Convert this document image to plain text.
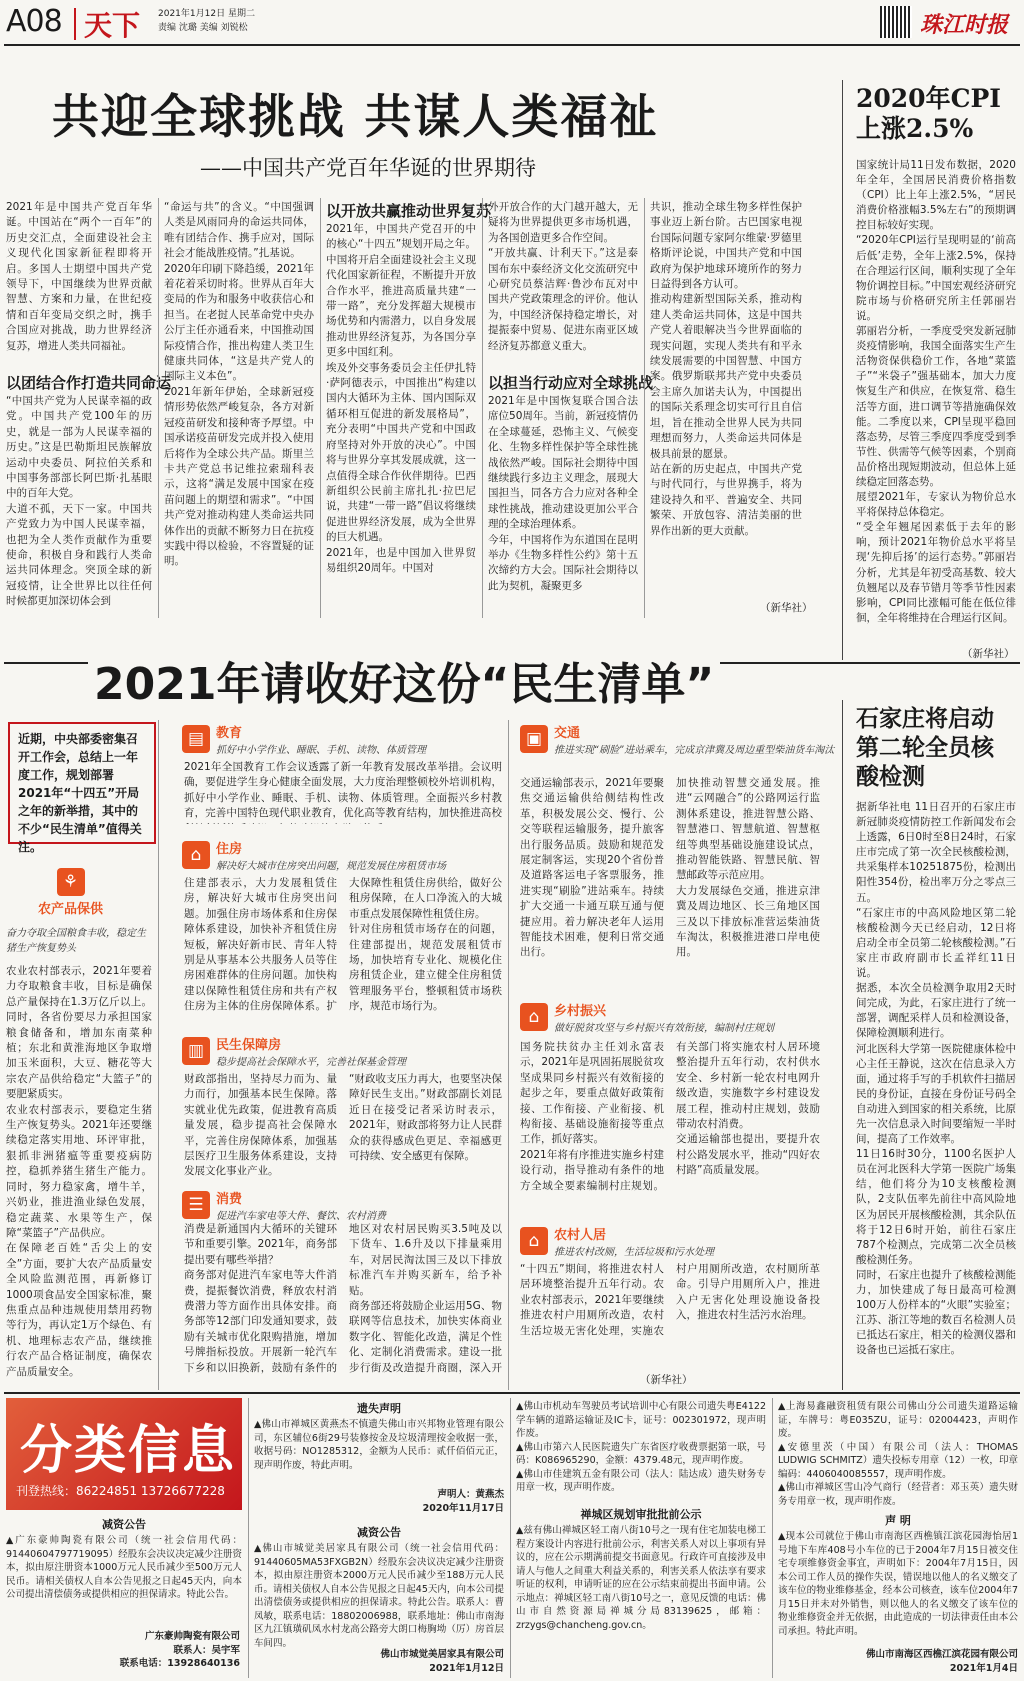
A08 天下 2021年1月12日 星期二
责编 沈璐 美编 刘锐松	珠江时报
共迎全球挑战 共谋人类福祉
——中国共产党百年华诞的世界期待
2021年是中国共产党百年华诞。中国站在“两个一百年”的历史交汇点，全面建设社会主义现代化国家新征程即将开启。多国人士期望中国共产党领导下，中国继续为世界贡献智慧、方案和力量，在世纪疫情和百年变局交织之时，携手合国应对挑战，助力世界经济复苏，增进人类共同福祉。
以团结合作打造共同命运
“中国共产党为人民谋幸福的政党。中国共产党100年的历史，就是一部为人民谋幸福的历史。”这是巴勒斯坦民族解放运动中央委员、阿拉伯关系和中国事务部部长阿巴斯·扎基眼中的百年大党。
大道不孤，天下一家。中国共产党致力为中国人民谋幸福，也把为全人类作贡献作为重要使命，积极自身和践行人类命运共同体理念。突顶全球的新冠疫情，让全世界比以往任何时候都更加深切体会到
“命运与共”的含义。“中国强调人类是风雨同舟的命运共同体，唯有团结合作、携手应对，国际社会才能战胜疫情。”扎基说。
2020年印刷下降趋缓，2021年着花着采切时将。世界从百年大变局的作为和服务中收获信心和担当。在老挝人民革命党中央办公厅主任亦通看来，中国推动国际疫情合作，推出构建人类卫生健康共同体，“这是共产党人的国际主义本色”。
2021年新年伊始，全球新冠疫情形势依然严峻复杂，各方对新冠疫苗研发和接种寄予厚望。中国承诺疫苗研发完成并投入使用后将作为全球公共产品。斯里兰卡共产党总书记维拉索瑞科表示，这将“满足发展中国家在疫苗问题上的期望和需求”。“中国共产党对推动构建人类命运共同体作出的贡献不断努力日在抗疫实践中得以检验，不容置疑的证明。
以开放共赢推动世界复苏
2021年，中国共产党召开的中的核心“十四五”规划开局之年。中国将开启全面建设社会主义现代化国家新征程，不断提升开放合作水平，推进高质量共建“一带一路”，充分发挥超大规模市场优势和内需潜力，以自身发展推动世界经济复苏，为各国分享更多中国红利。
埃及外交事务委员会主任伊扎特·萨阿德表示，中国推出“构建以国内大循环为主体、国内国际双循环相互促进的新发展格局”，充分表明“中国共产党和中国政府坚持对外开放的决心”。中国将与世界分享其发展成就，这一点值得全球合作伙伴期待。巴西新组织公民前主席扎扎·拉巴尼说，共建“一带一路”倡议将继续促进世界经济发展，成为全世界的巨大机遇。
2021年，也是中国加入世界贸易组织20周年。中国对
外开放合作的大门越开越大，无疑将为世界提供更多市场机遇，为各国创造更多合作空间。
“开放共赢、计利天下。”这是泰国布东中泰经济文化交流研究中心研究员蔡洁辉·鲁沙布瓦对中国共产党政策理念的评价。他认为，中国经济保持稳定增长，对提振泰中贸易、促进东南亚区域经济复苏都意义重大。
以担当行动应对全球挑战
2021年是中国恢复联合国合法席位50周年。当前，新冠疫情仍在全球蔓延，恐怖主义、气候变化、生物多样性保护等全球性挑战依然严峻。国际社会期待中国继续践行多边主义理念，展现大国担当，同各方合力应对各种全球性挑战，推动建设更加公平合理的全球治理体系。
今年，中国将作为东道国在昆明举办《生物多样性公约》第十五次缔约方大会。国际社会期待以此为契机，凝聚更多
共识，推动全球生物多样性保护事业迈上新台阶。古巴国家电视台国际问题专家阿尔维蒙·罗德里格斯评论说，中国共产党和中国政府为保护地球环境所作的努力日益得到各方认可。
推动构建新型国际关系，推动构建人类命运共同体，这是中国共产党人着眼解决当今世界面临的现实问题，实现人类共有和平永续发展需要的中国智慧、中国方案。俄罗斯联邦共产党中央委员会主席久加诺夫认为，中国提出的国际关系理念切实可行且自信坦，旨在推动全世界人民为共同理想而努力，人类命运共同体是极具前景的愿景。
站在新的历史起点，中国共产党与时代同行，与世界携手，将为建设持久和平、普遍安全、共同繁荣、开放包容、清洁美丽的世界作出新的更大贡献。
（新华社）
2020年CPI上涨2.5%
国家统计局11日发布数据，2020年全年，全国居民消费价格指数（CPI）比上年上涨2.5%，“居民消费价格涨幅3.5%左右”的预期调控目标较好实现。
“2020年CPI运行呈现明显的‘前高后低’走势，全年上涨2.5%，保持在合理运行区间，顺利实现了全年物价调控目标。”中国宏观经济研究院市场与价格研究所主任郭丽岩说。
郭丽岩分析，一季度受突发新冠肺炎疫情影响，我国全面落实生产生活物资保供稳价工作，各地“菜篮子”“米袋子”强基础本，加大力度恢复生产和供应，在恢复常、稳生活等方面，进口调节等措施确保效能。二季度以来，CPI呈现平稳回落态势，尽管三季度四季度受到季节性、供需等气候等因素，个别商品价格出现短期波动，但总体上延续稳定回落态势。
展望2021年，专家认为物价总水平将保持总体稳定。
“受全年翘尾因素低于去年的影响，预计2021年物价总水平将呈现‘先抑后扬’的运行态势。”郭丽岩分析，尤其是年初受高基数、较大负翘尾以及春节错月等季节性因素影响，CPI同比涨幅可能在低位徘徊，全年将维持在合理运行区间。
（新华社）
2021年请收好这份“民生清单”
近期，中央部委密集召开工作会，总结上一年度工作，规划部署2021年“十四五”开局之年的新举措，其中的不少“民生清单”值得关注。
⚘
农产品保供
奋力夺取全国粮食丰收，稳定生猪生产恢复势头
农业农村部表示，2021年要着力夺取粮食丰收，目标是确保总产量保持在1.3万亿斤以上。同时，各省份要尽力承担国家粮食储备和，增加东南菜种植；东北和黄淮海地区争取增加玉米面积，大豆、糖花等大宗农产品供给稳定“大篮子”的要肥紧质实。
农业农村部表示，要稳定生猪生产恢复势头。2021年还要继续稳定落实用地、环评审批，狠抓非洲猪瘟等重要疫病防控，稳抓养猪生猪生产能力。同时，努力稳家禽，增牛羊，兴奶业，推进渔业绿色发展，稳定蔬菜、水果等生产，保障“菜篮子”产品供应。
在保障老百姓“舌尖上的安全”方面，要扩大农产品质量安全风险监测范围，再新修订1000项食品安全国家标准，聚焦重点品种违规使用禁用药物等行为，再认定1万个绿色、有机、地理标志农产品，继续推行农产品合格证制度，确保农产品质量安全。
▤ 教育
抓好中小学作业、睡眠、手机、读物、体质管理
2021年全国教育工作会议透露了新一年教育发展改革举措。会议明确，要促进学生身心健康全面发展，大力度治理整顿校外培训机构，抓好中小学作业、睡眠、手机、读物、体质管理。全面振兴乡村教育，完善中国特色现代职业教育，优化高等教育结构，加快推进高校
⌂	住房
解决好大城市住房突出问题，规范发展住房租赁市场
住建部表示，大力发展租赁住房，解决好大城市住房突出问题。加强住房市场体系和住房保障体系建设，加快补齐租赁住房短板，解决好新市民、青年人特别是从事基本公共服务人员等住房困难群体的住房问题。加快构建以保障性租赁住房和共有产权住房为主体的住房保障体系。扩大保障性租赁住房供给，做好公租房保障，在人口净流入的大城市重点发展保障性租赁住房。
针对住房租赁市场存在的问题，住建部提出，规范发展租赁市场，加快培育专业化、规模化住房租赁企业，建立健全住房租赁管理服务平台，整顿租赁市场秩序，规范市场行为。
▥ 民生保障房
稳步提高社会保障水平，完善社保基金管理
财政部指出，坚持尽力而为、量力而行，加强基本民生保障。落实就业优先政策，促进教育高质量发展，稳步提高社会保障水平，完善住房保障体系，加强基层医疗卫生服务体系建设，支持发展文化事业产业。
“财政收支压力再大，也要坚决保障好民生支出。”财政部副长刘昆近日在接受记者采访时表示，2021年，财政部将努力让人民群众的获得感成色更足、幸福感更可持续、安全感更有保障。
☰ 消费
促进汽车家电等大件、餐饮、农村消费
消费是新通国内大循环的关键环节和重要引擎。2021年，商务部提出要有哪些举措？
商务部对促进汽车家电等大件消费，提振餐饮消费，释放农村消费潜力等方面作出具体安排。商务部等12部门印发通知要求，鼓励有关城市优化限购措施，增加号牌指标投放。开展新一轮汽车下乡和以旧换新，鼓励有条件的地区对农村居民购买3.5吨及以下货车、1.6升及以下排量乘用车，对居民淘汰国三及以下排放标准汽车并购买新车，给予补贴。
商务部还将鼓励企业运用5G、物联网等信息技术，加快实体商业数字化、智能化改造，满足个性化、定制化消费需求。建设一批步行街及改造提升商圈，深入开
▣ 交通
推进实现“刷脸”进站乘车，完成京津冀及周边重型柴油货车淘汰
交通运输部表示，2021年要聚焦交通运输供给侧结构性改革，积极发展公交、慢行、公交等联程运输服务，提升旅客出行服务品质。鼓励和规范发展定制客运，实现20个省份普及道路客运电子客票服务，推进实现“刷脸”进站乘车。持续扩大交通一卡通互联互通与便捷应用。着力解决老年人运用智能技术困难，便利日常交通出行。
加快推动智慧交通发展。推进“云网融合”的公路网运行监测体系建设，推进智慧公路、智慧港口、智慧航道、智慧枢纽等典型基础设施建设试点，推动智能铁路、智慧民航、智慧邮政等示范应用。
大力发展绿色交通，推进京津冀及周边地区、长三角地区国三及以下排放标准营运柴油货车淘汰，积极推进港口岸电使用。
⌂	乡村振兴
做好脱贫攻坚与乡村振兴有效衔接，编制村庄规划
国务院扶贫办主任刘永富表示，2021年是巩固拓展脱贫攻坚成果同乡村振兴有效衔接的起步之年，要重点做好政策衔接、工作衔接、产业衔接、机构衔接、基础设施衔接等重点工作，抓好落实。
2021年将有序推进实施乡村建设行动，指导推动有条件的地方全域全要素编制村庄规划。有关部门将实施农村人居环境整治提升五年行动，农村供水安全、乡村新一轮农村电网升级改造，实施数字乡村建设发展工程，推动村庄规划，鼓励带动农村消费。
交通运输部也提出，要提升农村公路发展水平，推动“四好农村路”高质量发展。
⌂	农村人居
推进农村改厕，生活垃圾和污水处理
“十四五”期间，将推进农村人居环境整治提升五年行动。农业农村部表示，2021年要继续推进农村户用厕所改造，农村生活垃圾无害化处理，实施农村户用厕所改造，农村厕所革命。引导户用厕所入户，推进入户无害化处理设施设备投入，推进农村生活污水治理。
（新华社）
石家庄将启动第二轮全员核酸检测
据新华社电 11日召开的石家庄市新冠肺炎疫情防控工作新闻发布会上透露，6日0时至8日24时，石家庄市完成了第一次全民核酸检测，共采集样本10251875份，检测出阳性354份，检出率万分之零点三五。
“石家庄市的中高风险地区第二轮核酸检测今天已经启动，12日将启动全市全员第二轮核酸检测。”石家庄市政府副市长孟祥红11日说。
据悉，本次全员检测争取用2天时间完成，为此，石家庄进行了统一部署，调配采样人员和检测设备，保障检测顺利进行。
河北医科大学第一医院健康体检中心主任王静说，这次在信息录入方面，通过将手写的手机软件扫描居民的身份证，直接在身份证号码全自动进入到国家的相关系统，比原先一次信息录入时间要缩短一半时间，提高了工作效率。
11日16时30分，1100名医护人员在河北医科大学第一医院广场集结，他们将分为10支核酸检测队，2支队伍率先前往中高风险地区为居民开展核酸检测，其余队伍将于12日6时开始，前往石家庄787个检测点，完成第二次全员核酸检测任务。
同时，石家庄也提升了核酸检测能力，加快建成了每日最高可检测100万人份样本的“火眼”实验室；江苏、浙江等地的数百名检测人员已抵达石家庄，相关的检测仪器和设备也已运抵石家庄。
分类信息
刊登热线：86224851 13726677228
减资公告
▲广东豪帅陶瓷有限公司（统一社会信用代码：91440604797719095）经股东会决议决定减少注册资本，拟由原注册资本1000万元人民币减少至500万元人民币。请相关债权人自本公告见报之日起45天内，向本公司提出清偿债务或提供相应的担保请求。特此公告。
广东豪帅陶瓷有限公司
联系人：吴宇军
联系电话：13928640136
遗失声明
▲佛山市禅城区黄燕杰不慎遗失佛山市兴邦物业管理有限公司，东区辅位6街29号装修按金及垃圾清理按金收据一张，收据号码：NO1285312，金额为人民币：贰仟佰佰元正，现声明作废，特此声明。
声明人：黄燕杰
2020年11月17日
减资公告
▲佛山市城觉美居家具有限公司（统一社会信用代码：91440605MA53FXGB2N）经股东会决议决定减少注册资本，拟由原注册资本2000万元人民币减少至188万元人民币。请相关债权人自本公告见报之日起45天内，向本公司提出清偿债务或提供相应的担保请求。特此公告。联系人：曹凤敏，联系电话：18802006988，联系地址：佛山市南海区九江镇璜矶凤水村龙高公路旁大朗口梅胸坳（厉）房首层车间四。
佛山市城觉美居家具有限公司
2021年1月12日
▲佛山市机动车驾驶员考试培训中心有限公司遗失粤E4122学车辆的道路运输证及IC卡，证号：002301972，现声明作废。
▲佛山市第六人民医院遗失广东省医疗收费票据第一联，号码：K086965290，金额：4379.48元，现声明作废。
▲佛山市佳建筑五金有限公司（法人：陆达成）遗失财务专用章一枚，现声明作废。
禅城区规划审批批前公示
▲兹有佛山禅城区轻工南八街10号之一现有住宅加装电梯工程方案设计内容进行批前公示，利害关系人对以上事项有异议的，应在公示期满前提交书面意见。行政许可直接涉及申请人与他人之间重大利益关系的，利害关系人依法享有要求听证的权利，申请听证的应在公示结束前提出书面申请。公示地点：禅城区轻工南八街10号之一，意见反馈的电话：佛山市自然资源局禅城分局83139625，邮箱：zrzygs@chancheng.gov.cn。
▲上海易鑫融资租赁有限公司佛山分公司遗失道路运输证，车牌号：粤E035ZU，证号：02004423，声明作废。
▲安德里茨（中国）有限公司（法人：THOMAS LUDWIG SCHMITZ）遗失投标专用章（12）一枚，印章编码：4406040085557，现声明作废。
▲佛山市禅城区雪山冷气商行（经营者：邓玉英）遗失财务专用章一枚，现声明作废。
声 明
▲现本公司就位于佛山市南海区西樵镇江滨花园海怡居1号地下车库408号小车位的已于2004年7月15日被交住宅专项维修资金事宜，声明如下：2004年7月15日，因本公司工作人员的操作失误，错误地以他人的名义缴交了该车位的物业维修基金，经本公司核查，该车位2004年7月15日并未对外销售，则以他人的名义缴交了该车位的物业维修资金并无依据，由此造成的一切法律责任由本公司承担。特此声明。
佛山市南海区西樵江滨花园有限公司
2021年1月4日
